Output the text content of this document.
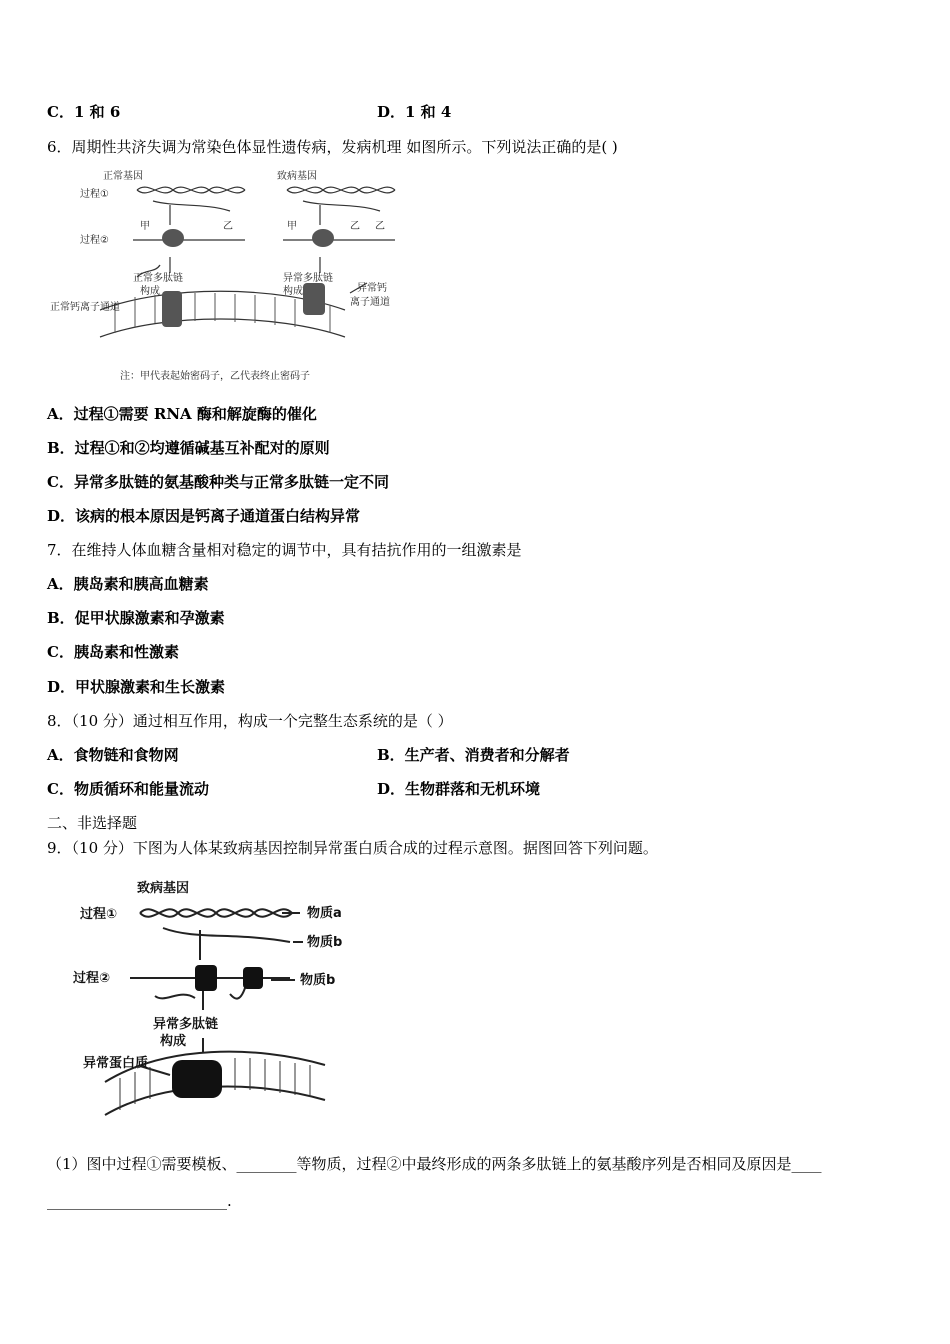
C．1 和 6	D．1 和 4
6．周期性共济失调为常染色体显性遗传病，发病机理 如图所示。下列说法正确的是( )
正常基因	致病基因
过程①
过程②
甲	乙	甲	乙 乙
正常多肽链
构成
异常多肽链
构成
正常钙离子通道
异常钙
离子通道
注：甲代表起始密码子，乙代表终止密码子
A．过程①需要 RNA 酶和解旋酶的催化
B．过程①和②均遵循碱基互补配对的原则
C．异常多肽链的氨基酸种类与正常多肽链一定不同
D．该病的根本原因是钙离子通道蛋白结构异常
7．在维持人体血糖含量相对稳定的调节中，具有拮抗作用的一组激素是
A．胰岛素和胰高血糖素
B．促甲状腺激素和孕激素
C．胰岛素和性激素
D．甲状腺激素和生长激素
8．（10 分）通过相互作用，构成一个完整生态系统的是（ ）
A．食物链和食物网	B．生产者、消费者和分解者
C．物质循环和能量流动	D．生物群落和无机环境
二、非选择题
9．（10 分）下图为人体某致病基因控制异常蛋白质合成的过程示意图。据图回答下列问题。
致病基因
过程①
过程②
物质a
物质b
物质b
异常多肽链
构成
异常蛋白质
（1）图中过程①需要模板、________等物质，过程②中最终形成的两条多肽链上的氨基酸序列是否相同及原因是____
________________________.
